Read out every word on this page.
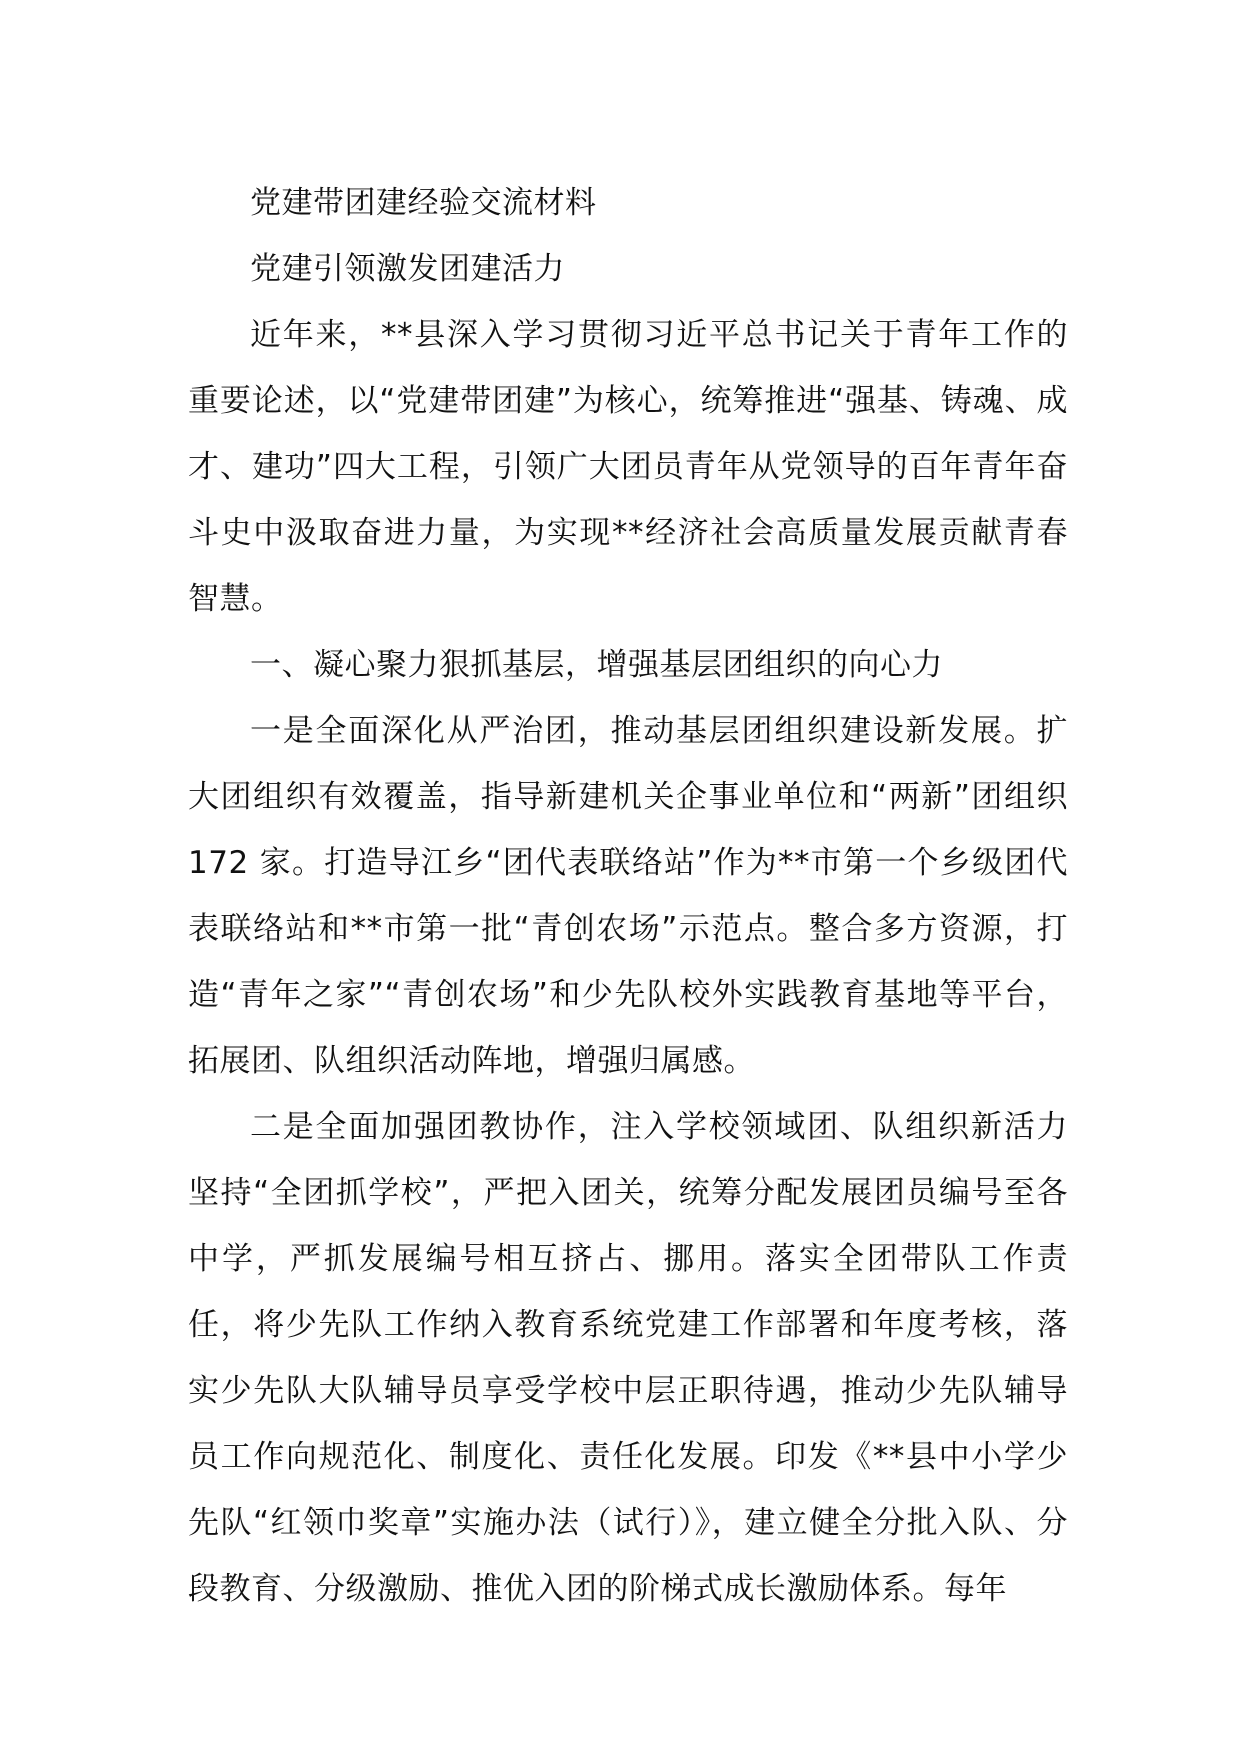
党建带团建经验交流材料

党建引领激发团建活力

近年来，**县深入学习贯彻习近平总书记关于青年工作的重要论述，以“党建带团建”为核心，统筹推进“强基、铸魂、成才、建功”四大工程，引领广大团员青年从党领导的百年青年奋斗史中汲取奋进力量，为实现**经济社会高质量发展贡献青春智慧。

一、凝心聚力狠抓基层，增强基层团组织的向心力

一是全面深化从严治团，推动基层团组织建设新发展。扩大团组织有效覆盖，指导新建机关企事业单位和“两新”团组织 172 家。打造导江乡“团代表联络站”作为**市第一个乡级团代表联络站和**市第一批“青创农场”示范点。整合多方资源，打造“青年之家”“青创农场”和少先队校外实践教育基地等平台，拓展团、队组织活动阵地，增强归属感。

二是全面加强团教协作，注入学校领域团、队组织新活力坚持“全团抓学校”，严把入团关，统筹分配发展团员编号至各中学，严抓发展编号相互挤占、挪用。落实全团带队工作责任，将少先队工作纳入教育系统党建工作部署和年度考核，落实少先队大队辅导员享受学校中层正职待遇，推动少先队辅导员工作向规范化、制度化、责任化发展。印发《**县中小学少先队“红领巾奖章”实施办法（试行）》，建立健全分批入队、分段教育、分级激励、推优入团的阶梯式成长激励体系。每年
